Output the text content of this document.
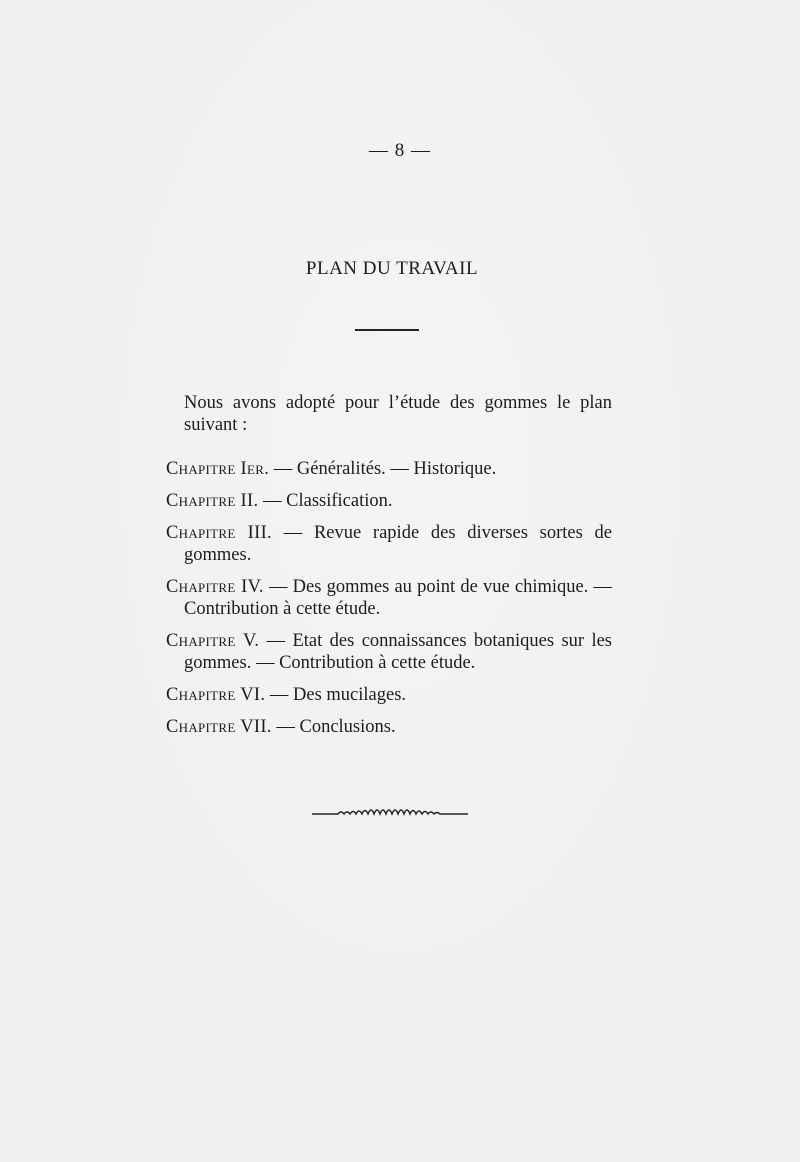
— 8 —
PLAN DU TRAVAIL
Nous avons adopté pour l’étude des gommes le plan suivant :

Chapitre Ier. — Généralités. — Historique.

Chapitre II. — Classification.

Chapitre III. — Revue rapide des diverses sortes de gommes.

Chapitre IV. — Des gommes au point de vue chimique. — Contribution à cette étude.

Chapitre V. — Etat des connaissances botaniques sur les gommes. — Contribution à cette étude.

Chapitre VI. — Des mucilages.

Chapitre VII. — Conclusions.
